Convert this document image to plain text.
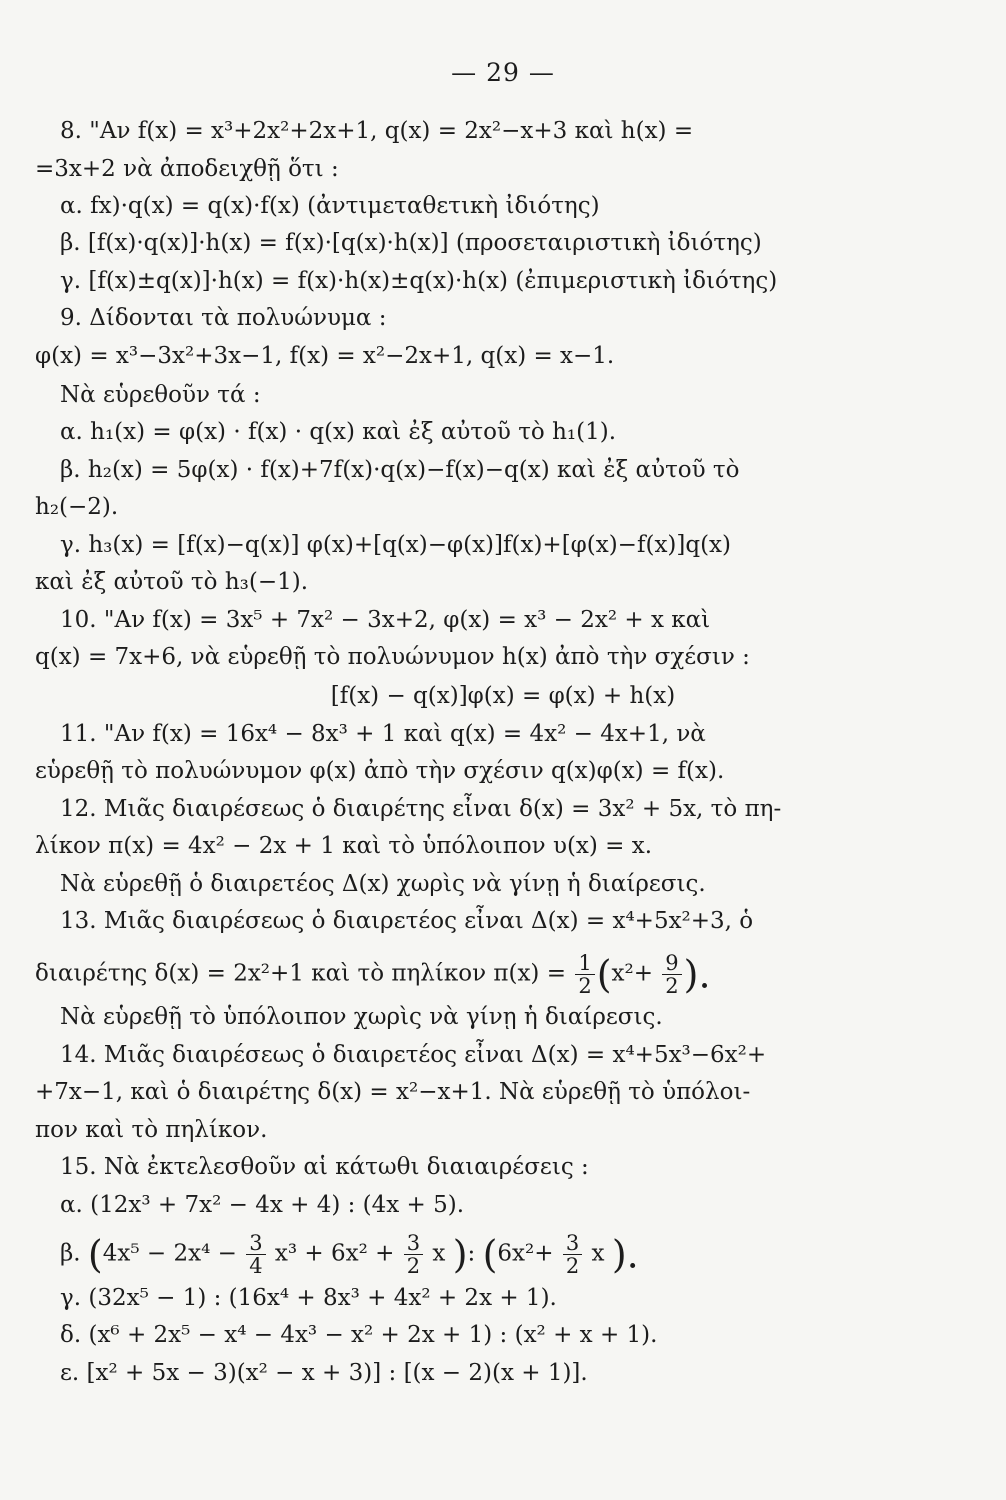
— 29 —
8. "Αν f(x) = x³+2x²+2x+1, q(x) = 2x²−x+3 καὶ h(x) =
=3x+2 νὰ ἀποδειχθῇ ὅτι :
α. fx)·q(x) = q(x)·f(x) (ἀντιμεταθετικὴ ἰδιότης)
β. [f(x)·q(x)]·h(x) = f(x)·[q(x)·h(x)] (προσεταιριστικὴ ἰδιότης)
γ. [f(x)±q(x)]·h(x) = f(x)·h(x)±q(x)·h(x) (ἐπιμεριστικὴ ἰδιότης)
9. Δίδονται τὰ πολυώνυμα :
φ(x) = x³−3x²+3x−1, f(x) = x²−2x+1, q(x) = x−1.
Νὰ εὑρεθοῦν τά :
α. h₁(x) = φ(x) · f(x) · q(x) καὶ ἐξ αὐτοῦ τὸ h₁(1).
β. h₂(x) = 5φ(x) · f(x)+7f(x)·q(x)−f(x)−q(x) καὶ ἐξ αὐτοῦ τὸ
h₂(−2).
γ. h₃(x) = [f(x)−q(x)] φ(x)+[q(x)−φ(x)]f(x)+[φ(x)−f(x)]q(x)
καὶ ἐξ αὐτοῦ τὸ h₃(−1).
10. "Αν f(x) = 3x⁵ + 7x² − 3x+2, φ(x) = x³ − 2x² + x καὶ
q(x) = 7x+6, νὰ εὑρεθῇ τὸ πολυώνυμον h(x) ἀπὸ τὴν σχέσιν :
[f(x) − q(x)]φ(x) = φ(x) + h(x)
11. "Αν f(x) = 16x⁴ − 8x³ + 1 καὶ q(x) = 4x² − 4x+1, νὰ
εὑρεθῇ τὸ πολυώνυμον φ(x) ἀπὸ τὴν σχέσιν q(x)φ(x) = f(x).
12. Μιᾶς διαιρέσεως ὁ διαιρέτης εἶναι δ(x) = 3x² + 5x, τὸ πη-
λίκον π(x) = 4x² − 2x + 1 καὶ τὸ ὑπόλοιπον υ(x) = x.
Νὰ εὑρεθῇ ὁ διαιρετέος Δ(x) χωρὶς νὰ γίνῃ ἡ διαίρεσις.
13. Μιᾶς διαιρέσεως ὁ διαιρετέος εἶναι Δ(x) = x⁴+5x²+3, ὁ
διαιρέτης δ(x) = 2x²+1 καὶ τὸ πηλίκον $\pi(x) = \frac{1}{2} (x^2+ \frac{9}{2}$ ).
Νὰ εὑρεθῇ τὸ ὑπόλοιπον χωρὶς νὰ γίνῃ ἡ διαίρεσις.
14. Μιᾶς διαιρέσεως ὁ διαιρετέος εἶναι Δ(x) = x⁴+5x³−6x²+
+7x−1, καὶ ὁ διαιρέτης δ(x) = x²−x+1. Νὰ εὑρεθῇ τὸ ὑπόλοι-
πον καὶ τὸ πηλίκον.
15. Νὰ ἐκτελεσθοῦν αἱ κάτωθι διαιαιρέσεις :
α. (12x³ + 7x² − 4x + 4) : (4x + 5).
β. ($4x^5 - 2x^4 - \frac{3}{4} x^3 + 6x^2 + \frac{3}{2}$ x ): ($6x^2+ \frac{3}{2}$ x ).
γ. (32x⁵ − 1) : (16x⁴ + 8x³ + 4x² + 2x + 1).
δ. (x⁶ + 2x⁵ − x⁴ − 4x³ − x² + 2x + 1) : (x² + x + 1).
ε. [x² + 5x − 3)(x² − x + 3)] : [(x − 2)(x + 1)].
